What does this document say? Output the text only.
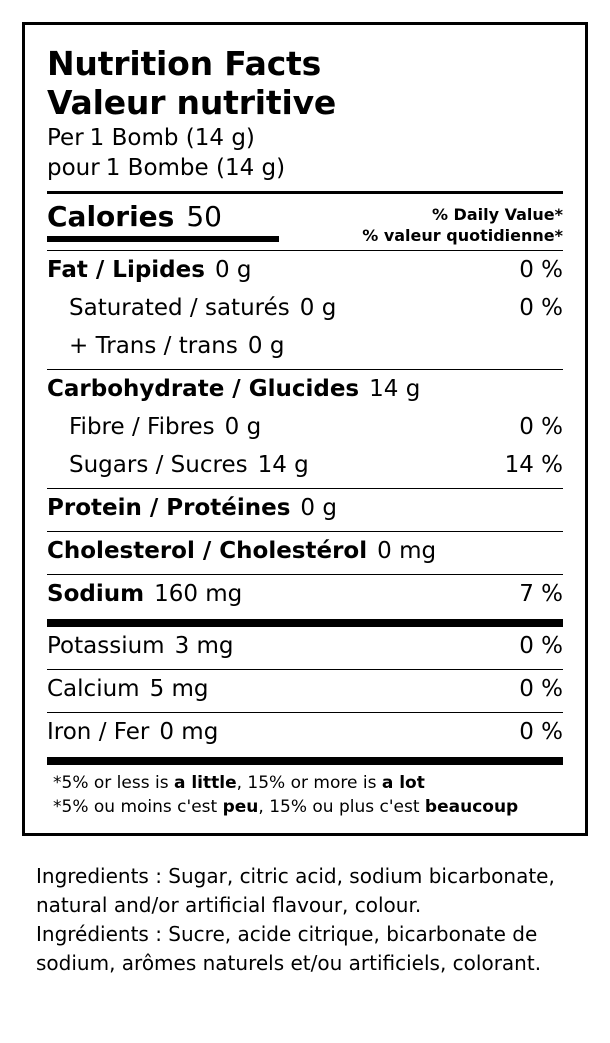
Nutrition Facts
Valeur nutritive
Per 1 Bomb (14 g)
pour 1 Bombe (14 g)
Calories 50	% Daily Value*
% valeur quotidienne*
Fat / Lipides 0 g	0 %
Saturated / saturés 0 g	0 %
+ Trans / trans 0 g
Carbohydrate / Glucides 14 g
Fibre / Fibres 0 g	0 %
Sugars / Sucres 14 g	14 %
Protein / Protéines 0 g
Cholesterol / Cholestérol 0 mg
Sodium 160 mg	7 %
Potassium 3 mg	0 %
Calcium 5 mg	0 %
Iron / Fer 0 mg	0 %
*5% or less is a little, 15% or more is a lot
*5% ou moins c'est peu, 15% ou plus c'est beaucoup
Ingredients : Sugar, citric acid, sodium bicarbonate, natural and/or artificial flavour, colour.
Ingrédients : Sucre, acide citrique, bicarbonate de sodium, arômes naturels et/ou artificiels, colorant.
